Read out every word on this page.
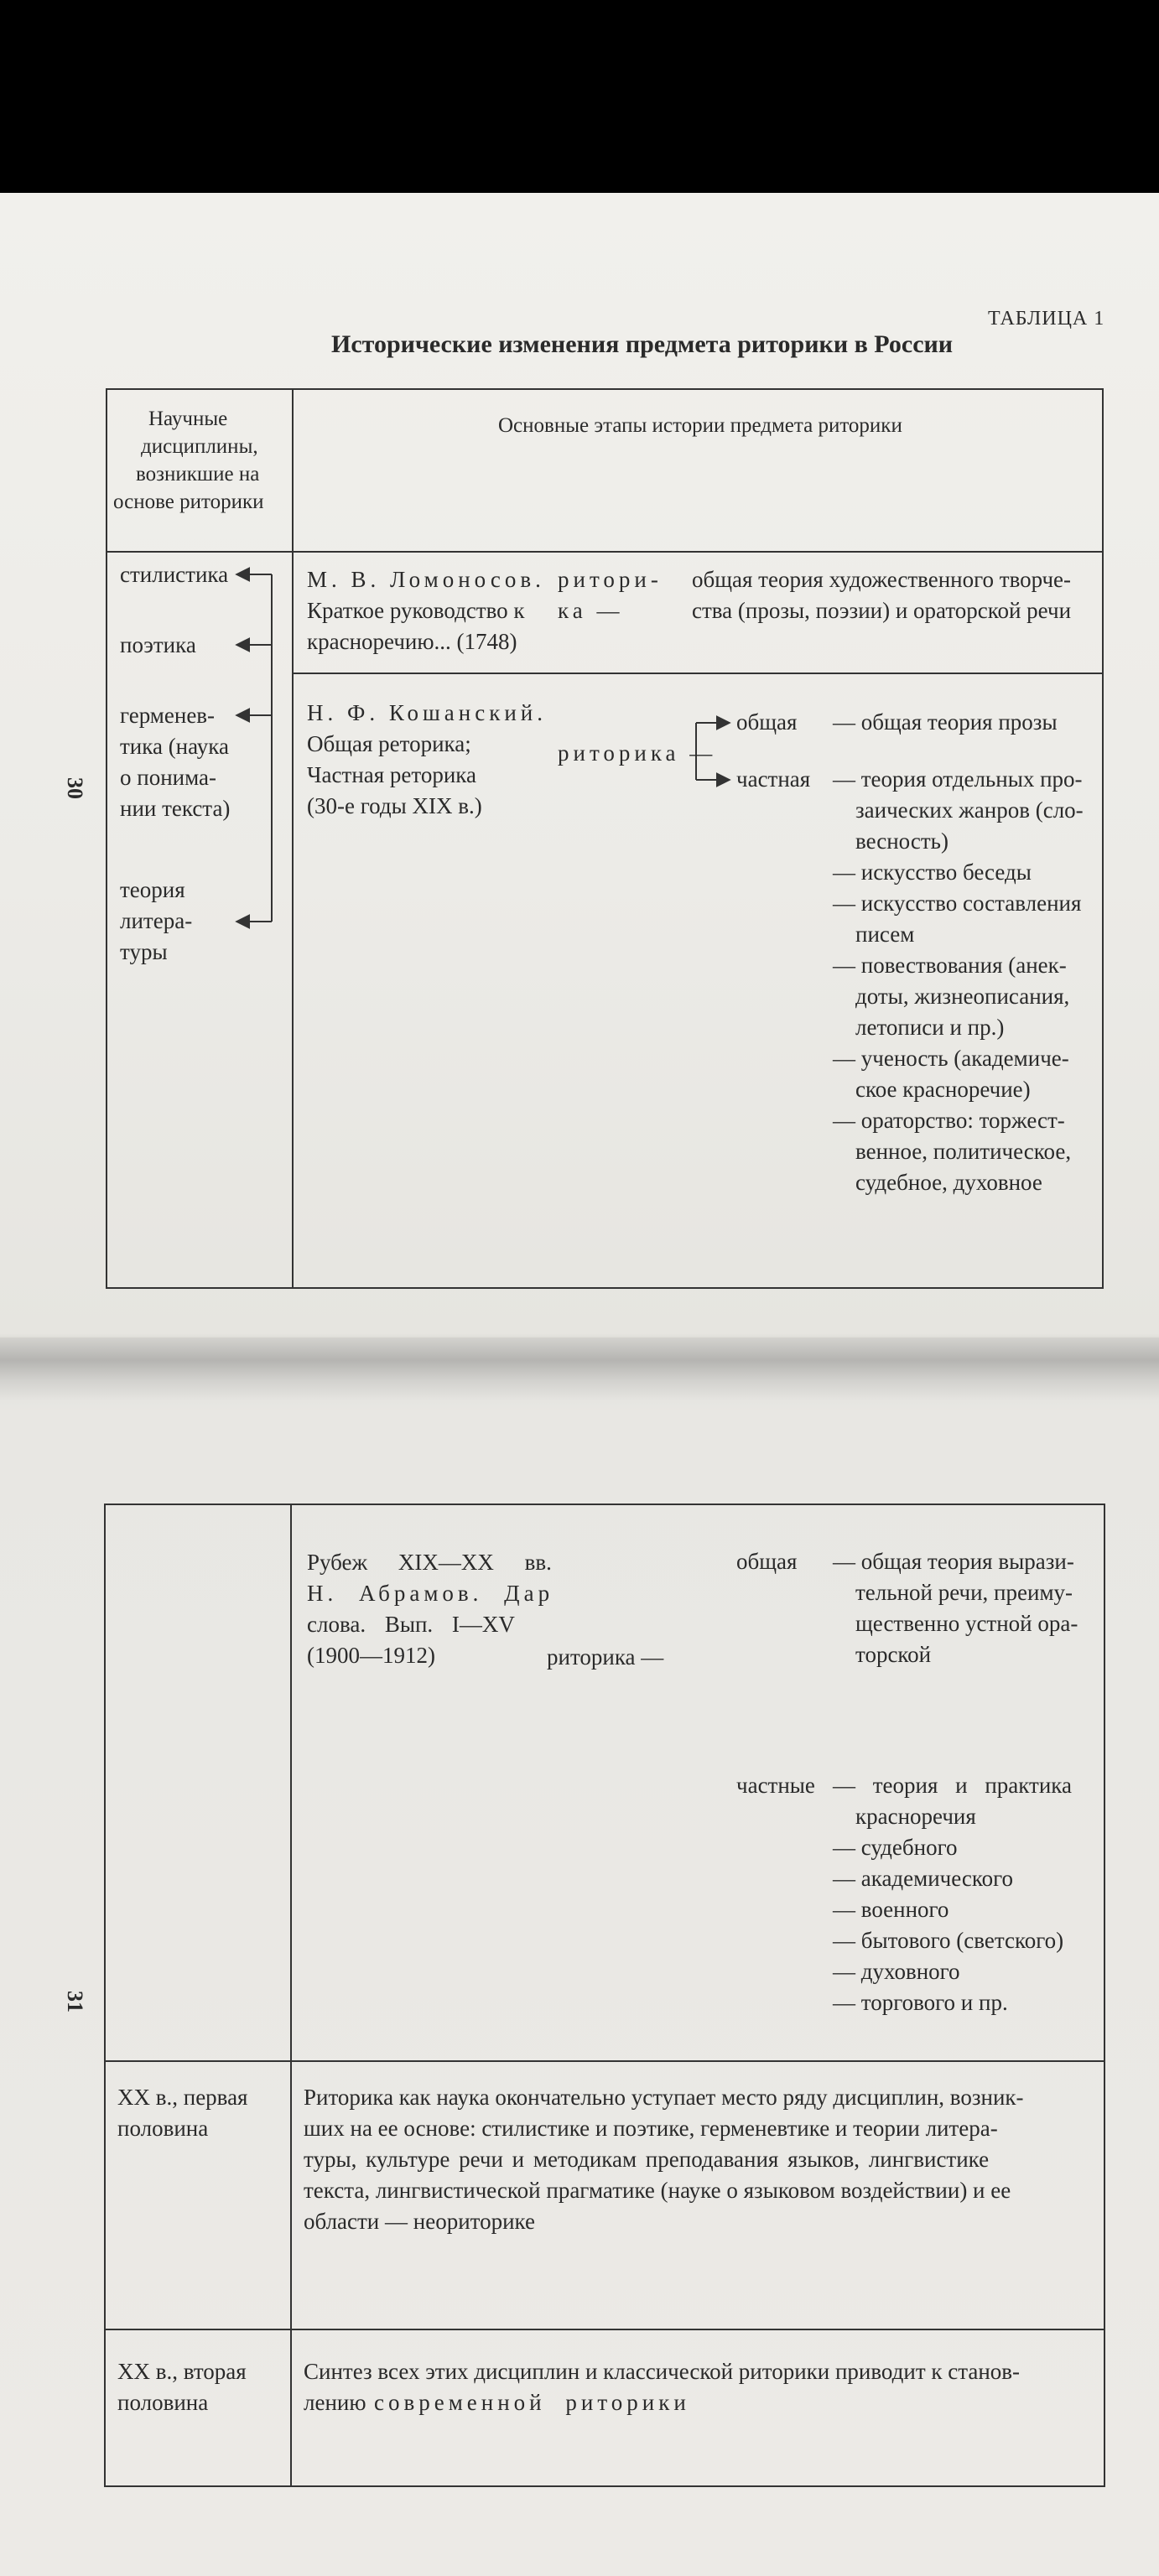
ТАБЛИЦА 1
Исторические изменения предмета риторики в России
30
Научные
дисциплины,
возникшие на
основе риторики
Основные этапы истории предмета риторики
стилистика
поэтика
герменев-
тика (наука
о понима-
нии текста)
теория
литера-
туры
М. В. Ломоносов.
Краткое руководство к
красноречию... (1748)
ритори-
ка —
общая теория художественного творче-
ства (прозы, поэзии) и ораторской речи
Н. Ф. Кошанский.
Общая реторика;
Частная реторика
(30-е годы XIX в.)
риторика —
общая
частная
— общая теория прозы
— теория отдельных про-
заических жанров (сло-
весность)
— искусство беседы
— искусство составления
писем
— повествования (анек-
доты, жизнеописания,
летописи и пр.)
— ученость (академиче-
ское красноречие)
— ораторство: торжест-
венное, политическое,
судебное, духовное
31
Рубеж XIX—XX вв.
Н. Абрамов. Дар
слова. Вып. I—XV
(1900—1912)	риторика —
общая
частные
— общая теория вырази-
тельной речи, преиму-
щественно устной ора-
торской
— теория и практика
красноречия
— судебного
— академического
— военного
— бытового (светского)
— духовного
— торгового и пр.
XX в., первая
половина
Риторика как наука окончательно уступает место ряду дисциплин, возник-
ших на ее основе: стилистике и поэтике, герменевтике и теории литера-
туры, культуре речи и методикам преподавания языков, лингвистике
текста, лингвистической прагматике (науке о языковом воздействии) и ее
области — неориторике
XX в., вторая
половина
Синтез всех этих дисциплин и классической риторики приводит к станов-
лению современной риторики
